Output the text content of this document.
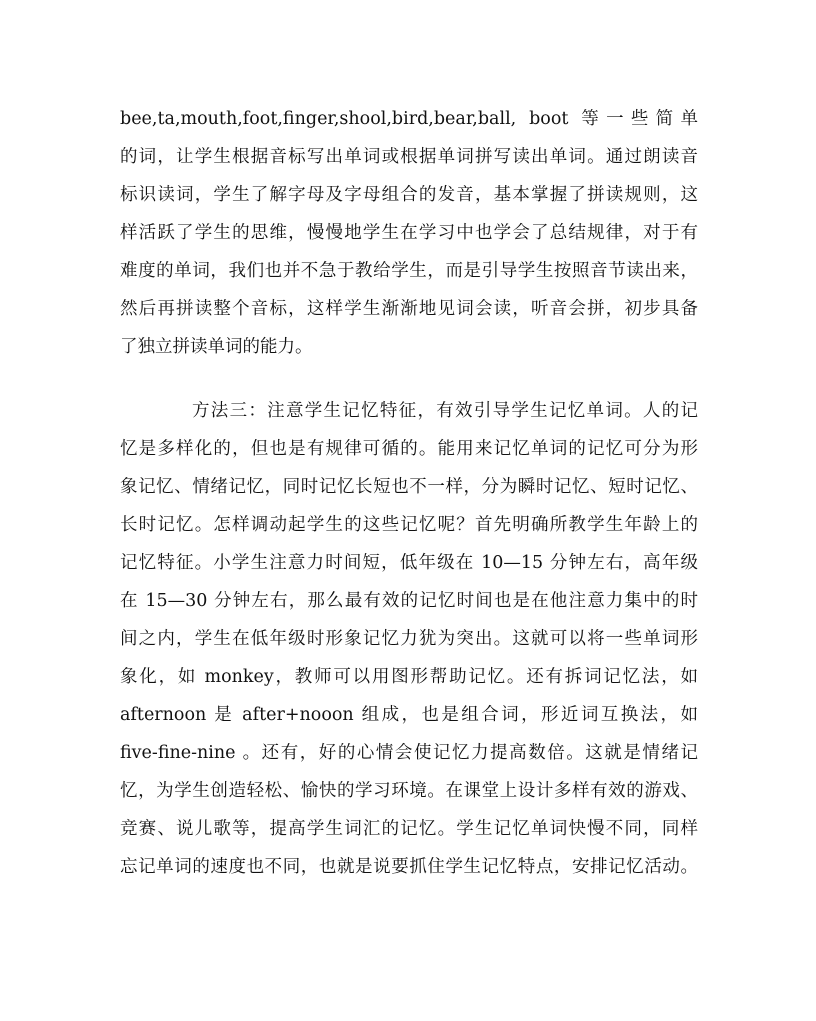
bee,ta,mouth,foot,finger,shool,bird,bear,ball, boot 等一些简单
的词，让学生根据音标写出单词或根据单词拼写读出单词。通过朗读音
标识读词，学生了解字母及字母组合的发音，基本掌握了拼读规则，这
样活跃了学生的思维，慢慢地学生在学习中也学会了总结规律，对于有
难度的单词，我们也并不急于教给学生，而是引导学生按照音节读出来，
然后再拼读整个音标，这样学生渐渐地见词会读，听音会拼，初步具备
了独立拼读单词的能力。
方法三：注意学生记忆特征，有效引导学生记忆单词。人的记
忆是多样化的，但也是有规律可循的。能用来记忆单词的记忆可分为形
象记忆、情绪记忆，同时记忆长短也不一样，分为瞬时记忆、短时记忆、
长时记忆。怎样调动起学生的这些记忆呢？首先明确所教学生年龄上的
记忆特征。小学生注意力时间短，低年级在 10—15 分钟左右，高年级
在 15—30 分钟左右，那么最有效的记忆时间也是在他注意力集中的时
间之内，学生在低年级时形象记忆力犹为突出。这就可以将一些单词形
象化，如 monkey，教师可以用图形帮助记忆。还有拆词记忆法，如
afternoon 是 after+nooon 组成，也是组合词，形近词互换法，如
five-fine-nine 。还有，好的心情会使记忆力提高数倍。这就是情绪记
忆，为学生创造轻松、愉快的学习环境。在课堂上设计多样有效的游戏、
竞赛、说儿歌等，提高学生词汇的记忆。学生记忆单词快慢不同，同样
忘记单词的速度也不同，也就是说要抓住学生记忆特点，安排记忆活动。
